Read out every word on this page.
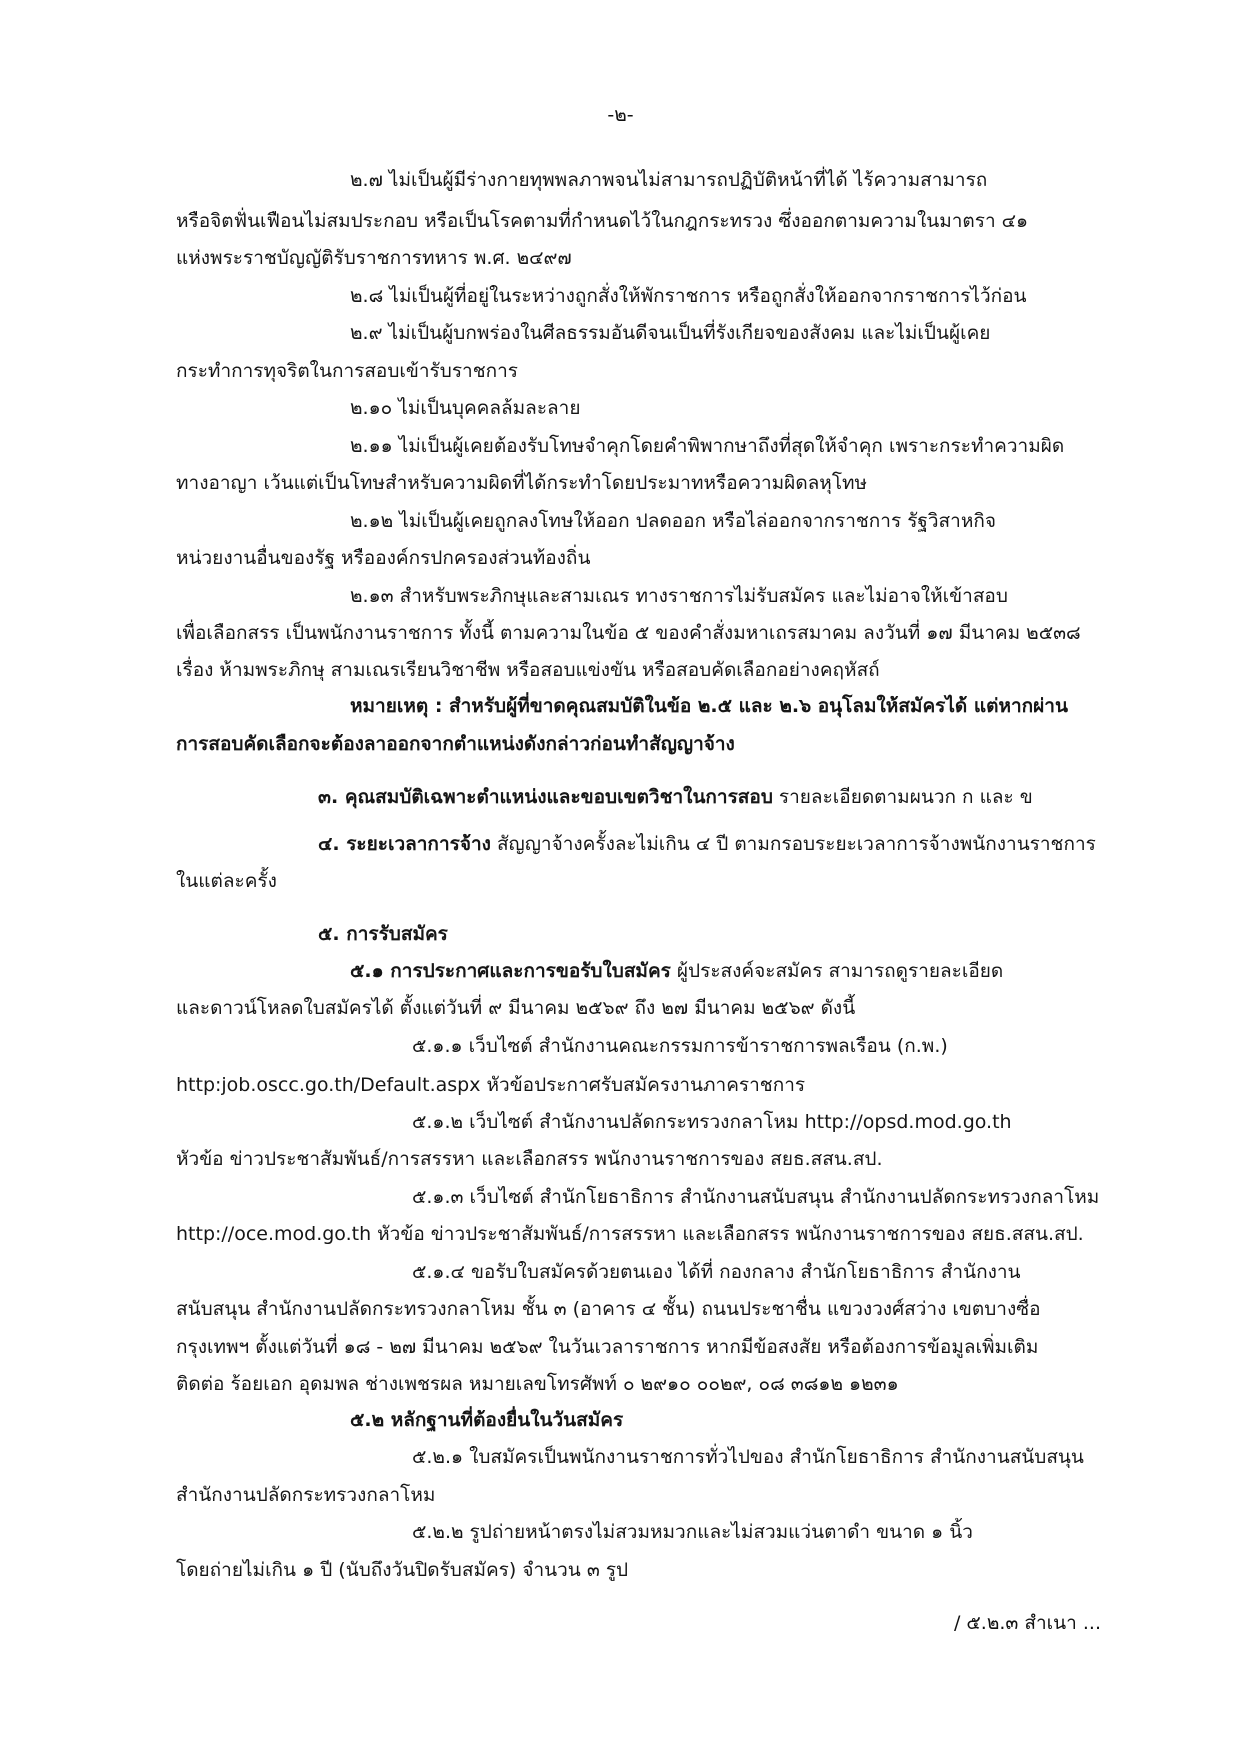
-๒-
๒.๗ ไม่เป็นผู้มีร่างกายทุพพลภาพจนไม่สามารถปฏิบัติหน้าที่ได้ ไร้ความสามารถ
หรือจิตฟั่นเฟือนไม่สมประกอบ หรือเป็นโรคตามที่กำหนดไว้ในกฎกระทรวง ซึ่งออกตามความในมาตรา ๔๑
แห่งพระราชบัญญัติรับราชการทหาร พ.ศ. ๒๔๙๗
๒.๘ ไม่เป็นผู้ที่อยู่ในระหว่างถูกสั่งให้พักราชการ หรือถูกสั่งให้ออกจากราชการไว้ก่อน
๒.๙ ไม่เป็นผู้บกพร่องในศีลธรรมอันดีจนเป็นที่รังเกียจของสังคม และไม่เป็นผู้เคย
กระทำการทุจริตในการสอบเข้ารับราชการ
๒.๑๐ ไม่เป็นบุคคลล้มละลาย
๒.๑๑ ไม่เป็นผู้เคยต้องรับโทษจำคุกโดยคำพิพากษาถึงที่สุดให้จำคุก เพราะกระทำความผิด
ทางอาญา เว้นแต่เป็นโทษสำหรับความผิดที่ได้กระทำโดยประมาทหรือความผิดลหุโทษ
๒.๑๒ ไม่เป็นผู้เคยถูกลงโทษให้ออก ปลดออก หรือไล่ออกจากราชการ รัฐวิสาหกิจ
หน่วยงานอื่นของรัฐ หรือองค์กรปกครองส่วนท้องถิ่น
๒.๑๓ สำหรับพระภิกษุและสามเณร ทางราชการไม่รับสมัคร และไม่อาจให้เข้าสอบ
เพื่อเลือกสรร เป็นพนักงานราชการ ทั้งนี้ ตามความในข้อ ๕ ของคำสั่งมหาเถรสมาคม ลงวันที่ ๑๗ มีนาคม ๒๕๓๘
เรื่อง ห้ามพระภิกษุ สามเณรเรียนวิชาชีพ หรือสอบแข่งขัน หรือสอบคัดเลือกอย่างคฤหัสถ์
หมายเหตุ : สำหรับผู้ที่ขาดคุณสมบัติในข้อ ๒.๕ และ ๒.๖ อนุโลมให้สมัครได้ แต่หากผ่าน
การสอบคัดเลือกจะต้องลาออกจากตำแหน่งดังกล่าวก่อนทำสัญญาจ้าง
๓. คุณสมบัติเฉพาะตำแหน่งและขอบเขตวิชาในการสอบ รายละเอียดตามผนวก ก และ ข
๔. ระยะเวลาการจ้าง สัญญาจ้างครั้งละไม่เกิน ๔ ปี ตามกรอบระยะเวลาการจ้างพนักงานราชการ
ในแต่ละครั้ง
๕. การรับสมัคร
๕.๑ การประกาศและการขอรับใบสมัคร ผู้ประสงค์จะสมัคร สามารถดูรายละเอียด
และดาวน์โหลดใบสมัครได้ ตั้งแต่วันที่ ๙ มีนาคม ๒๕๖๙ ถึง ๒๗ มีนาคม ๒๕๖๙ ดังนี้
๕.๑.๑ เว็บไซต์ สำนักงานคณะกรรมการข้าราชการพลเรือน (ก.พ.)
http:job.oscc.go.th/Default.aspx หัวข้อประกาศรับสมัครงานภาคราชการ
๕.๑.๒ เว็บไซต์ สำนักงานปลัดกระทรวงกลาโหม http://opsd.mod.go.th
หัวข้อ ข่าวประชาสัมพันธ์/การสรรหา และเลือกสรร พนักงานราชการของ สยธ.สสน.สป.
๕.๑.๓ เว็บไซต์ สำนักโยธาธิการ สำนักงานสนับสนุน สำนักงานปลัดกระทรวงกลาโหม
http://oce.mod.go.th หัวข้อ ข่าวประชาสัมพันธ์/การสรรหา และเลือกสรร พนักงานราชการของ สยธ.สสน.สป.
๕.๑.๔ ขอรับใบสมัครด้วยตนเอง ได้ที่ กองกลาง สำนักโยธาธิการ สำนักงาน
สนับสนุน สำนักงานปลัดกระทรวงกลาโหม ชั้น ๓ (อาคาร ๔ ชั้น) ถนนประชาชื่น แขวงวงศ์สว่าง เขตบางซื่อ
กรุงเทพฯ ตั้งแต่วันที่ ๑๘ - ๒๗ มีนาคม ๒๕๖๙ ในวันเวลาราชการ หากมีข้อสงสัย หรือต้องการข้อมูลเพิ่มเติม
ติดต่อ ร้อยเอก อุดมพล ช่างเพชรผล หมายเลขโทรศัพท์ ๐ ๒๙๑๐ ๐๐๒๙, ๐๘ ๓๘๑๒ ๑๒๓๑
๕.๒ หลักฐานที่ต้องยื่นในวันสมัคร
๕.๒.๑ ใบสมัครเป็นพนักงานราชการทั่วไปของ สำนักโยธาธิการ สำนักงานสนับสนุน
สำนักงานปลัดกระทรวงกลาโหม
๕.๒.๒ รูปถ่ายหน้าตรงไม่สวมหมวกและไม่สวมแว่นตาดำ ขนาด ๑ นิ้ว
โดยถ่ายไม่เกิน ๑ ปี (นับถึงวันปิดรับสมัคร) จำนวน ๓ รูป
/ ๕.๒.๓ สำเนา ...
